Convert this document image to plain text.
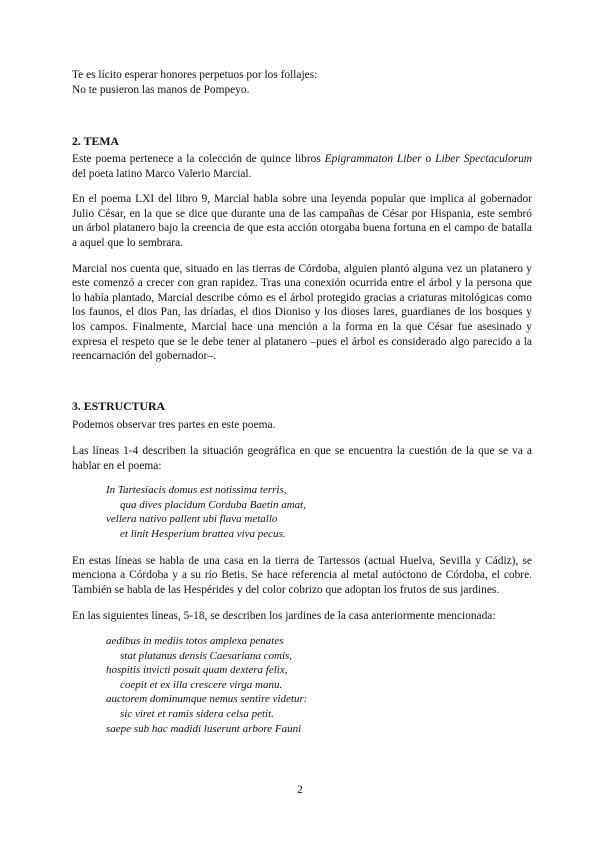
Te es lícito esperar honores perpetuos por los follajes:
No te pusieron las manos de Pompeyo.
2. TEMA

Este poema pertenece a la colección de quince libros Epigrammaton Liber o Liber Spectaculorum del poeta latino Marco Valerio Marcial.

En el poema LXI del libro 9, Marcial habla sobre una leyenda popular que implica al gobernador Julio César, en la que se dice que durante una de las campañas de César por Hispania, este sembró un árbol platanero bajo la creencia de que esta acción otorgaba buena fortuna en el campo de batalla a aquel que lo sembrara.

Marcial nos cuenta que, situado en las tierras de Córdoba, alguien plantó alguna vez un platanero y este comenzó a crecer con gran rapidez. Tras una conexión ocurrida entre el árbol y la persona que lo había plantado, Marcial describe cómo es el árbol protegido gracias a criaturas mitológicas como los faunos, el dios Pan, las dríadas, el dios Dioniso y los dioses lares, guardianes de los bosques y los campos. Finalmente, Marcial hace una mención a la forma en la que César fue asesinado y expresa el respeto que se le debe tener al platanero –pues el árbol es considerado algo parecido a la reencarnación del gobernador–.

3. ESTRUCTURA

Podemos observar tres partes en este poema.

Las líneas 1-4 describen la situación geográfica en que se encuentra la cuestión de la que se va a hablar en el poema:

In Tartesiacis domus est notissima terris,
qua dives placidum Corduba Baetin amat,
vellera nativo pallent ubi flava metallo
et linit Hesperium brattea viva pecus.

En estas líneas se habla de una casa en la tierra de Tartessos (actual Huelva, Sevilla y Cádiz), se menciona a Córdoba y a su río Betis. Se hace referencia al metal autóctono de Córdoba, el cobre. También se habla de las Hespérides y del color cobrizo que adoptan los frutos de sus jardines.

En las siguientes líneas, 5-18, se describen los jardines de la casa anteriormente mencionada:

aedibus in mediis totos amplexa penates
stat platanus densis Caesariana comis,
hospitis invicti posuit quam dextera felix,
coepit et ex illa crescere virga manu.
auctorem dominumque nemus sentire videtur:
sic viret et ramis sidera celsa petit.
saepe sub hac madidi luserunt arbore Fauni
2
